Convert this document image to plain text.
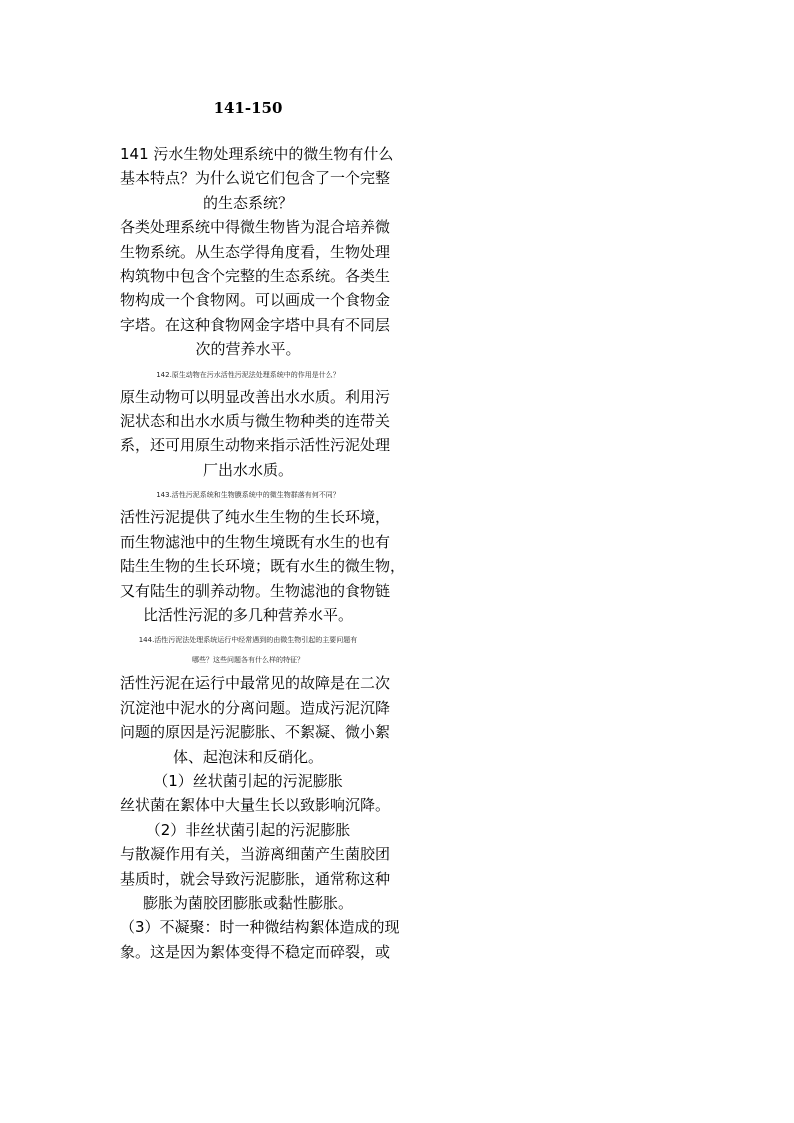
141-150

141 污水生物处理系统中的微生物有什么

基本特点？为什么说它们包含了一个完整

的生态系统？

各类处理系统中得微生物皆为混合培养微

生物系统。从生态学得角度看，生物处理

构筑物中包含个完整的生态系统。各类生

物构成一个食物网。可以画成一个食物金

字塔。在这种食物网金字塔中具有不同层

次的营养水平。

142.原生动物在污水活性污泥法处理系统中的作用是什么？

原生动物可以明显改善出水水质。利用污

泥状态和出水水质与微生物种类的连带关

系，还可用原生动物来指示活性污泥处理

厂出水水质。

143.活性污泥系统和生物膜系统中的微生物群落有何不同？

活性污泥提供了纯水生生物的生长环境，

而生物滤池中的生物生境既有水生的也有

陆生生物的生长环境；既有水生的微生物，

又有陆生的驯养动物。生物滤池的食物链

比活性污泥的多几种营养水平。

144.活性污泥法处理系统运行中经常遇到的由微生物引起的主要问题有

哪些？这些问题各有什么样的特征？

活性污泥在运行中最常见的故障是在二次

沉淀池中泥水的分离问题。造成污泥沉降

问题的原因是污泥膨胀、不絮凝、微小絮

体、起泡沫和反硝化。

（1）丝状菌引起的污泥膨胀

丝状菌在絮体中大量生长以致影响沉降。

（2）非丝状菌引起的污泥膨胀

与散凝作用有关，当游离细菌产生菌胶团

基质时，就会导致污泥膨胀，通常称这种

膨胀为菌胶团膨胀或黏性膨胀。

（3）不凝聚：时一种微结构絮体造成的现

象。这是因为絮体变得不稳定而碎裂，或
